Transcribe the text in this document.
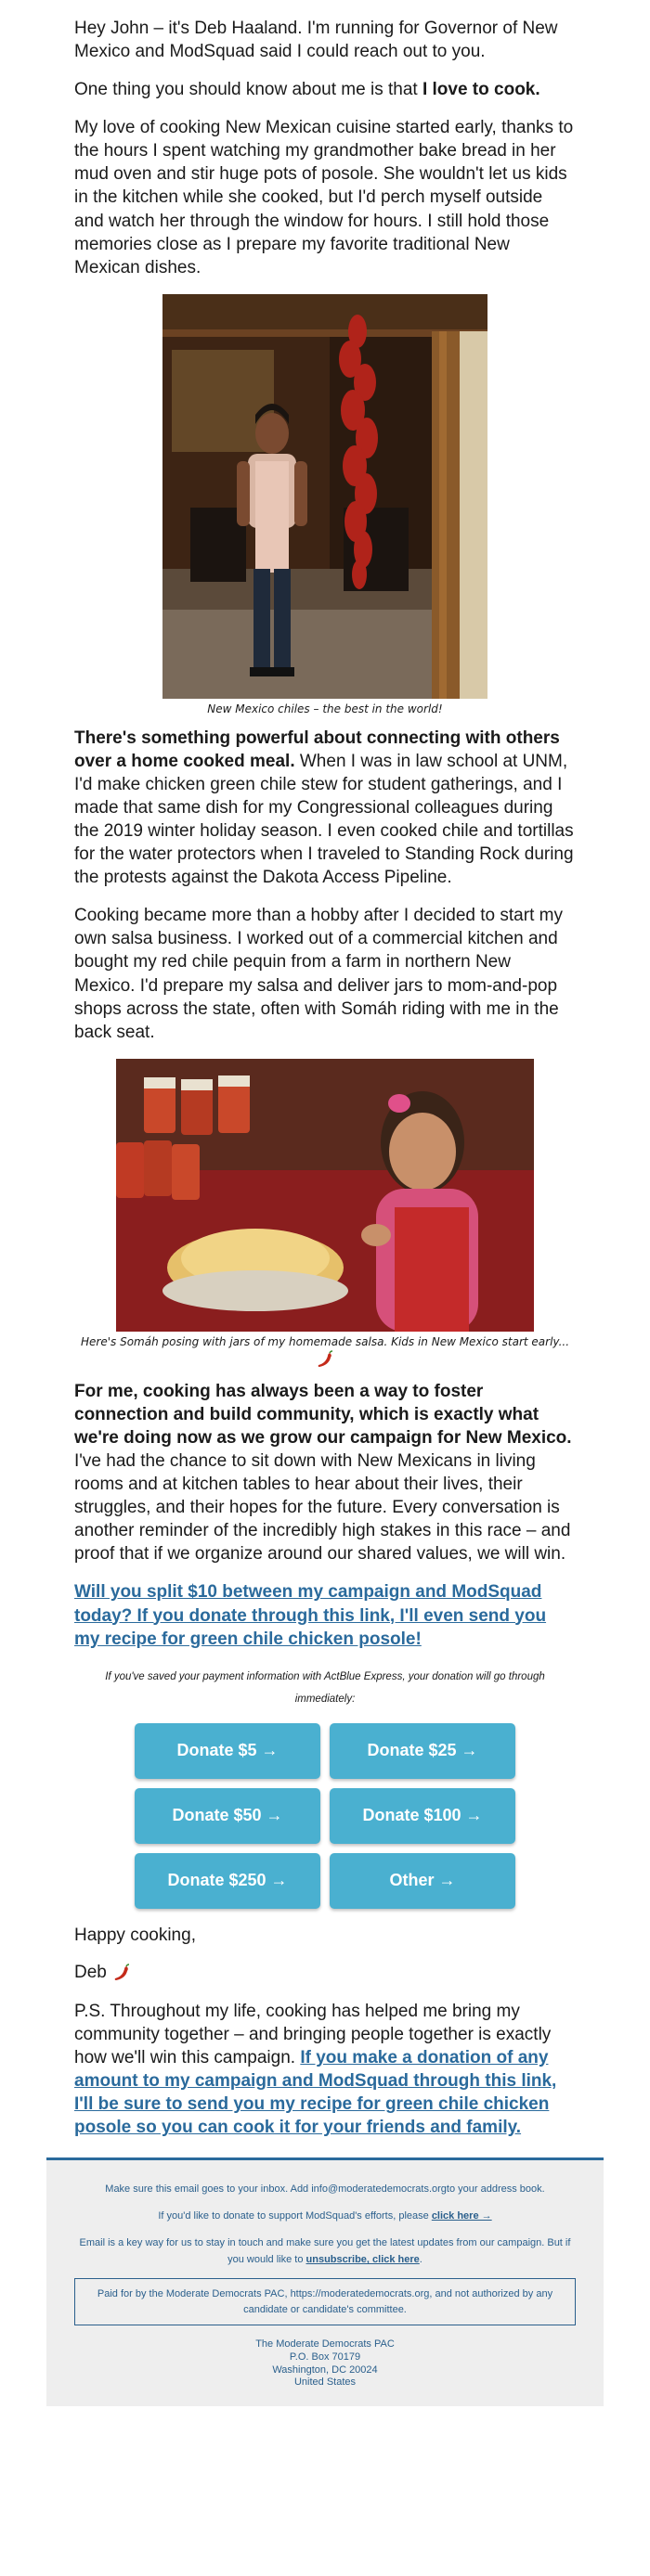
Hey John – it's Deb Haaland. I'm running for Governor of New Mexico and ModSquad said I could reach out to you.

One thing you should know about me is that I love to cook.

My love of cooking New Mexican cuisine started early, thanks to the hours I spent watching my grandmother bake bread in her mud oven and stir huge pots of posole. She wouldn't let us kids in the kitchen while she cooked, but I'd perch myself outside and watch her through the window for hours. I still hold those memories close as I prepare my favorite traditional New Mexican dishes.

New Mexico chiles – the best in the world!

There's something powerful about connecting with others over a home cooked meal. When I was in law school at UNM, I'd make chicken green chile stew for student gatherings, and I made that same dish for my Congressional colleagues during the 2019 winter holiday season. I even cooked chile and tortillas for the water protectors when I traveled to Standing Rock during the protests against the Dakota Access Pipeline.

Cooking became more than a hobby after I decided to start my own salsa business. I worked out of a commercial kitchen and bought my red chile pequin from a farm in northern New Mexico. I'd prepare my salsa and deliver jars to mom-and-pop shops across the state, often with Somáh riding with me in the back seat.

Here's Somáh posing with jars of my homemade salsa. Kids in New Mexico start early...

For me, cooking has always been a way to foster connection and build community, which is exactly what we're doing now as we grow our campaign for New Mexico. I've had the chance to sit down with New Mexicans in living rooms and at kitchen tables to hear about their lives, their struggles, and their hopes for the future. Every conversation is another reminder of the incredibly high stakes in this race – and proof that if we organize around our shared values, we will win.

Will you split $10 between my campaign and ModSquad today? If you donate through this link, I'll even send you my recipe for green chile chicken posole!

If you've saved your payment information with ActBlue Express, your donation will go through immediately:
Donate $5 →	Donate $25 →
Donate $50 →	Donate $100 →
Donate $250 →	Other →
Happy cooking,
Deb

P.S. Throughout my life, cooking has helped me bring my community together – and bringing people together is exactly how we'll win this campaign. If you make a donation of any amount to my campaign and ModSquad through this link, I'll be sure to send you my recipe for green chile chicken posole so you can cook it for your friends and family.

Make sure this email goes to your inbox. Add info@moderatedemocrats.orgto your address book.

If you'd like to donate to support ModSquad's efforts, please click here →

Email is a key way for us to stay in touch and make sure you get the latest updates from our campaign. But if you would like to unsubscribe, click here.

Paid for by the Moderate Democrats PAC, https://moderatedemocrats.org, and not authorized by any candidate or candidate's committee.
The Moderate Democrats PAC
P.O. Box 70179
Washington, DC 20024
United States
